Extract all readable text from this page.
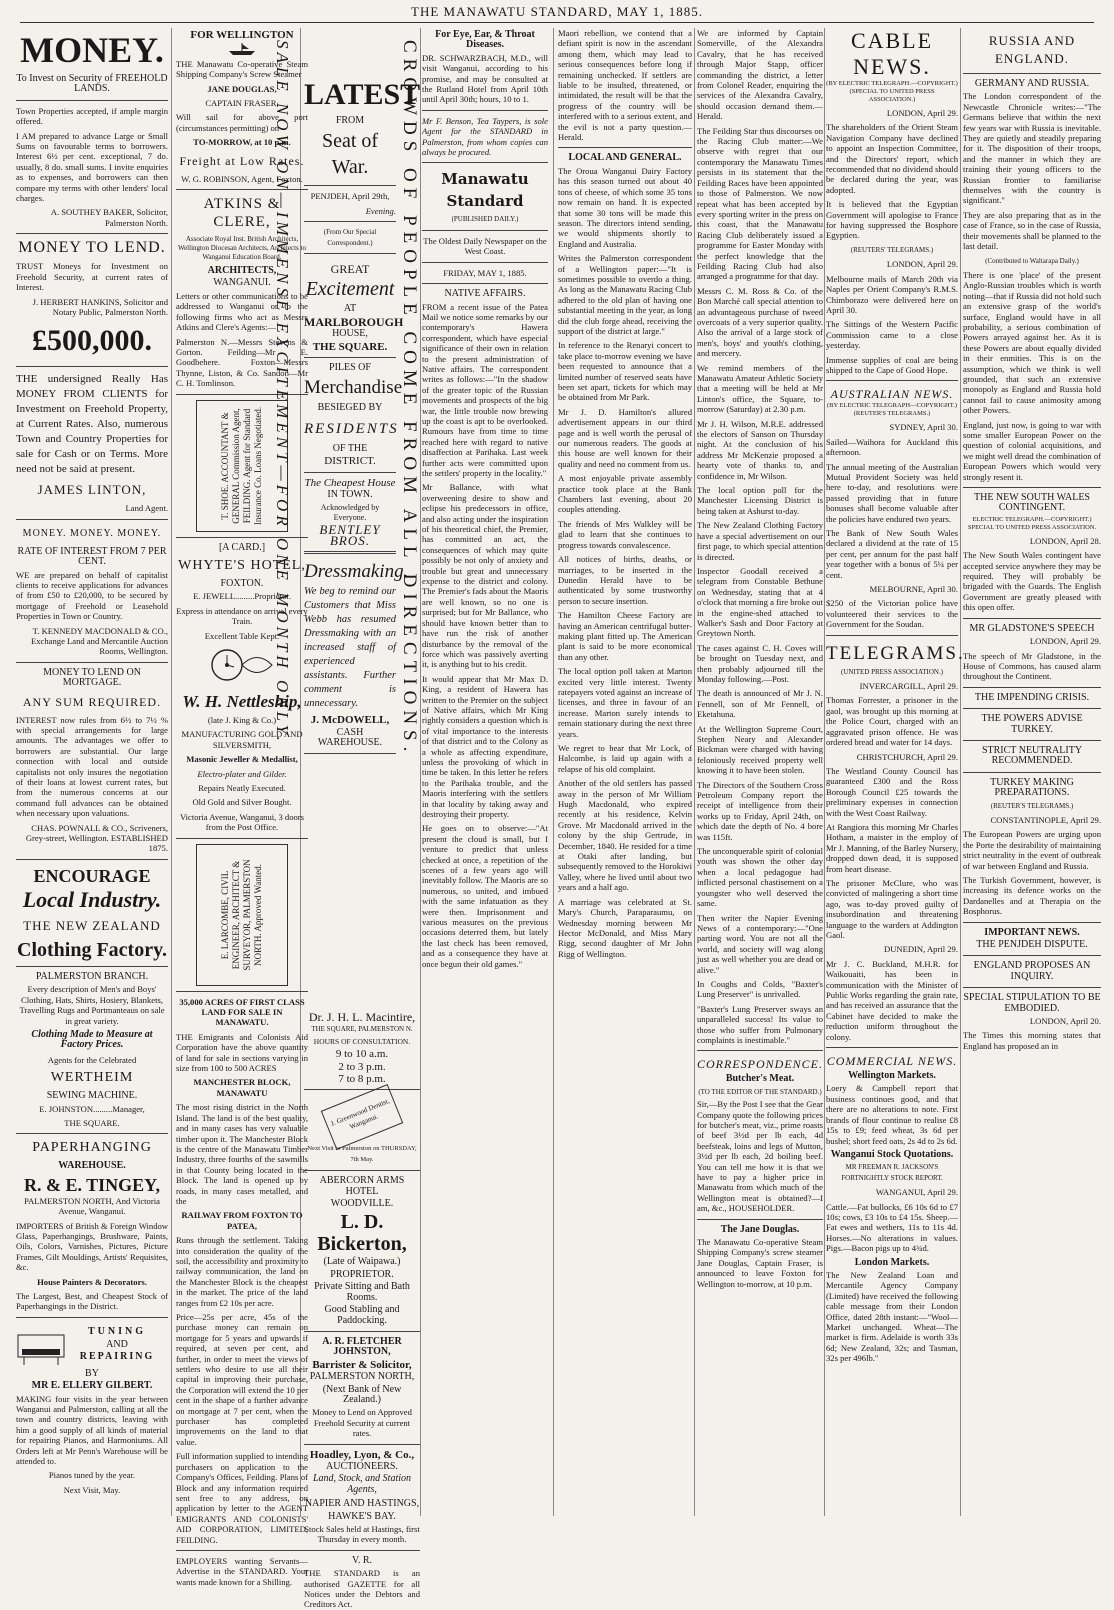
THE MANAWATU STANDARD, MAY 1, 1885.
MONEY.
To Invest on Security of FREEHOLD LANDS.

Town Properties accepted, if ample margin offered.

I AM prepared to advance Large or Small Sums on favourable terms to borrowers. Interest 6½ per cent. exceptional, 7 do. usually, 8 do. small sums. I invite enquiries as to expenses, and borrowers can then compare my terms with other lenders' local charges.

A. SOUTHEY BAKER, Solicitor, Palmerston North.

MONEY TO LEND.

TRUST Moneys for Investment on Freehold Security, at current rates of Interest.

J. HERBERT HANKINS, Solicitor and Notary Public, Palmerston North.

£500,000.

THE undersigned Really Has MONEY FROM CLIENTS for Investment on Freehold Property, at Current Rates. Also, numerous Town and Country Properties for sale for Cash or on Terms. More need not be said at present.

JAMES LINTON,

Land Agent.

MONEY. MONEY. MONEY.
RATE OF INTEREST FROM 7 PER CENT.

WE are prepared on behalf of capitalist clients to receive applications for advances of from £50 to £20,000, to be secured by mortgage of Freehold or Leasehold Properties in Town or Country.

T. KENNEDY MACDONALD & CO., Exchange Land and Mercantile Auction Rooms, Wellington.

MONEY TO LEND ON MORTGAGE.
ANY SUM REQUIRED.

INTEREST now rules from 6½ to 7½ % with special arrangements for large amounts. The advantages we offer to borrowers are substantial. Our large connection with local and outside capitalists not only insures the negotiation of their loans at lowest current rates, but from the numerous concerns at our command full advances can be obtained when necessary upon valuations.

CHAS. POWNALL & CO., Scriveners, Grey-street, Wellington. ESTABLISHED 1875.

ENCOURAGE
Local Industry.
THE NEW ZEALAND
Clothing Factory.
PALMERSTON BRANCH.

Every description of Men's and Boys' Clothing, Hats, Shirts, Hosiery, Blankets, Travelling Rugs and Portmanteaus on sale in great variety.

Clothing Made to Measure at Factory Prices.

Agents for the Celebrated

WERTHEIM
SEWING MACHINE.

E. JOHNSTON.........Manager,

THE SQUARE.

PAPERHANGING
WAREHOUSE.
R. & E. TINGEY,

PALMERSTON NORTH, And Victoria Avenue, Wanganui.

IMPORTERS of British & Foreign Window Glass, Paperhangings, Brushware, Paints, Oils, Colors, Varnishes, Pictures, Picture Frames, Gilt Mouldings, Artists' Requisites, &c.

House Painters & Decorators.

The Largest, Best, and Cheapest Stock of Paperhangings in the District.

TUNING
AND
REPAIRING
BY
MR E. ELLERY GILBERT.

MAKING four visits in the year between Wanganui and Palmerston, calling at all the town and country districts, leaving with him a good supply of all kinds of material for repairing Pianos, and Harmoniums. All Orders left at Mr Penn's Warehouse will be attended to.

Pianos tuned by the year.

Next Visit, May.

FOR WELLINGTON

THE Manawatu Co-operative Steam Shipping Company's Screw Steamer

JANE DOUGLAS,

CAPTAIN FRASER,

Will sail for above port (circumstances permitting) on

TO-MORROW, at 10 p.m.

Freight at Low Rates.

W. G. ROBINSON, Agent, Foxton.

ATKINS & CLERE,

Associate Royal Inst. British Architects, Wellington Diocesan Architects, Architects to Wanganui Education Board.

ARCHITECTS,
WANGANUI.

Letters or other communications to be addressed to Wanganui or to the following firms who act as Messrs Atkins and Clere's Agents:—

Palmerston N.—Messrs Stevens & Gorton. Feilding—Mr E. Goodbehere. Foxton—Messrs Thynne, Liston, & Co. Sandon—Mr C. H. Tomlinson.

T. SHOE. ACCOUNTANT & GENERAL Commission Agent, FEILDING. Agent for Standard Insurance Co. Loans Negotiated.
[A CARD.]
WHYTE'S HOTEL,
FOXTON.

E. JEWELL.........Proprietor.

Express in attendance on arrival every Train.

Excellent Table Kept.

W. H. Nettleship,

(late J. King & Co.)

MANUFACTURING GOLD AND SILVERSMITH,

Masonic Jeweller & Medallist,

Electro-plater and Gilder.

Repairs Neatly Executed.

Old Gold and Silver Bought.

Victoria Avenue, Wanganui, 3 doors from the Post Office.

E. LARCOMBE, CIVIL ENGINEER, ARCHITECT & SURVEYOR, PALMERSTON NORTH. Approved Wanted.

35,000 ACRES OF FIRST CLASS LAND FOR SALE IN MANAWATU.

THE Emigrants and Colonists Aid Corporation have the above quantity of land for sale in sections varying in size from 100 to 500 ACRES

MANCHESTER BLOCK, MANAWATU

The most rising district in the North Island. The land is of the best quality, and in many cases has very valuable timber upon it. The Manchester Block is the centre of the Manawatu Timber Industry, three fourths of the sawmills in that County being located in the Block. The land is opened up by roads, in many cases metalled, and the

RAILWAY FROM FOXTON TO PATEA,

Runs through the settlement. Taking into consideration the quality of the soil, the accessibility and proximity to railway communication, the land on the Manchester Block is the cheapest in the market. The price of the land ranges from £2 10s per acre.

Price—25s per acre, 45s of the purchase money can remain on mortgage for 5 years and upwards if required, at seven per cent, and further, in order to meet the views of settlers who desire to use all their capital in improving their purchase, the Corporation will extend the 10 per cent in the shape of a further advance on mortgage at 7 per cent, when the purchaser has completed improvements on the land to that value.

Full information supplied to intending purchasers on application to the Company's Offices, Feilding. Plans of Block and any information required sent free to any address, on application by letter to the AGENT EMIGRANTS AND COLONISTS' AID CORPORATION, LIMITED, FEILDING.

EMPLOYERS wanting Servants—Advertise in the STANDARD. Your wants made known for a Shilling.

SALE NOW ON—IMMENSE EXCITEMENT—FOR ONE MONTH ONLY.	CROWDS OF PEOPLE COME FROM ALL DIRECTIONS.
LATEST
FROM
Seat of War.

PENJDEH, April 29th,

Evening.

(From Our Special Correspondent.)

GREAT
Excitement
AT
MARLBOROUGH
HOUSE,
THE SQUARE.
PILES OF
Merchandise
BESIEGED BY
RESIDENTS
OF THE
DISTRICT.
The Cheapest House
IN TOWN.
Acknowledged by Everyone.
BENTLEY BROS.
Dressmaking.

We beg to remind our Customers that Miss Webb has resumed Dressmaking with an increased staff of experienced assistants. Further comment is unnecessary.

J. McDOWELL,
CASH WAREHOUSE.
Dr. J. H. L. Macintire,
THE SQUARE, PALMERSTON N.
HOURS OF CONSULTATION.
9 to 10 a.m.
2 to 3 p.m.
7 to 8 p.m.
J. Greenwood Dentist, Wanganui.

Next Visit to Palmerston on THURSDAY, 7th May.

ABERCORN ARMS HOTEL
WOODVILLE.
L. D. Bickerton,
(Late of Waipawa.)
PROPRIETOR.
Private Sitting and Bath Rooms.
Good Stabling and Paddocking.
A. R. FLETCHER JOHNSTON,
Barrister & Solicitor,
PALMERSTON NORTH,
(Next Bank of New Zealand.)

Money to Lend on Approved Freehold Security at current rates.

Hoadley, Lyon, & Co.,
AUCTIONEERS.

Land, Stock, and Station Agents,

NAPIER AND HASTINGS,
HAWKE'S BAY.

Stock Sales held at Hastings, first Thursday in every month.

V. R.

THE STANDARD is an authorised GAZETTE for all Notices under the Debtors and Creditors Act.

For Eye, Ear, & Throat Diseases.

DR. SCHWARZBACH, M.D., will visit Wanganui, according to his promise, and may be consulted at the Rutland Hotel from April 10th until April 30th; hours, 10 to 1.

Mr F. Benson, Tea Taypers, is sole Agent for the STANDARD in Palmerston, from whom copies can always be procured.

Manawatu Standard
(PUBLISHED DAILY.)

The Oldest Daily Newspaper on the West Coast.

FRIDAY, MAY 1, 1885.

NATIVE AFFAIRS.

FROM a recent issue of the Patea Mail we notice some remarks by our contemporary's Hawera correspondent, which have especial significance of their own in relation to the present administration of Native affairs. The correspondent writes as follows:—"In the shadow of the greater topic of the Russian movements and prospects of the big war, the little trouble now brewing up the coast is apt to be overlooked. Rumours have from time to time reached here with regard to native disaffection at Parihaka. Last week further acts were committed upon the settlers' property in the locality."

Mr Ballance, with what overweening desire to show and eclipse his predecessors in office, and also acting under the inspiration of his theoretical chief, the Premier, has committed an act, the consequences of which may quite possibly be not only of anxiety and trouble but great and unnecessary expense to the district and colony. The Premier's fads about the Maoris are well known, so no one is surprised; but for Mr Ballance, who should have known better than to have run the risk of another disturbance by the removal of the force which was passively averting it, is anything but to his credit.

It would appear that Mr Max D. King, a resident of Hawera has written to the Premier on the subject of Native affairs, which Mr King rightly considers a question which is of vital importance to the interests of that district and to the Colony as a whole as affecting expenditure, unless the provoking of which in time be taken. In this letter he refers to the Parihaka trouble, and the Maoris interfering with the settlers in that locality by taking away and destroying their property.

He goes on to observe:—"At present the cloud is small, but I venture to predict that unless checked at once, a repetition of the scenes of a few years ago will inevitably follow. The Maoris are so numerous, so united, and imbued with the same infatuation as they were then. Imprisonment and various measures on the previous occasions deterred them, but lately the last check has been removed, and as a consequence they have at once begun their old games."

Maori rebellion, we contend that a defiant spirit is now in the ascendant among them, which may lead to serious consequences before long if remaining unchecked. If settlers are liable to be insulted, threatened, or intimidated, the result will be that the progress of the country will be interfered with to a serious extent, and the evil is not a party question.—Herald.

LOCAL AND GENERAL.

The Oroua Wanganui Dairy Factory has this season turned out about 40 tons of cheese, of which some 35 tons now remain on hand. It is expected that some 30 tons will be made this season. The directors intend sending, we would shipments shortly to England and Australia.

Writes the Palmerston correspondent of a Wellington paper:—"It is sometimes possible to overdo a thing. As long as the Manawatu Racing Club adhered to the old plan of having one substantial meeting in the year, as long did the club forge ahead, receiving the support of the district at large."

In reference to the Renaryi concert to take place to-morrow evening we have been requested to announce that a limited number of reserved seats have been set apart, tickets for which may be obtained from Mr Park.

Mr J. D. Hamilton's allured advertisement appears in our third page and is well worth the perusal of our numerous readers. The goods at this house are well known for their quality and need no comment from us.

A most enjoyable private assembly practice took place at the Bank Chambers last evening, about 20 couples attending.

The friends of Mrs Walkley will be glad to learn that she continues to progress towards convalescence.

All notices of births, deaths, or marriages, to be inserted in the Dunedin Herald have to be authenticated by some trustworthy person to secure insertion.

The Hamilton Cheese Factory are having an American centrifugal butter-making plant fitted up. The American plant is said to be more economical than any other.

The local option poll taken at Marton excited very little interest. Twenty ratepayers voted against an increase of licenses, and three in favour of an increase. Marton surely intends to remain stationary during the next three years.

We regret to hear that Mr Lock, of Halcombe, is laid up again with a relapse of his old complaint.

Another of the old settlers has passed away in the person of Mr William Hugh Macdonald, who expired recently at his residence, Kelvin Grove. Mr Macdonald arrived in the colony by the ship Gertrude, in December, 1840. He resided for a time at Otaki after landing, but subsequently removed to the Horokiwi Valley, where he lived until about two years and a half ago.

A marriage was celebrated at St. Mary's Church, Paraparaumu, on Wednesday morning between Mr Hector McDonald, and Miss Mary Rigg, second daughter of Mr John Rigg of Wellington.

We are informed by Captain Somerville, of the Alexandra Cavalry, that he has received through Major Stapp, officer commanding the district, a letter from Colonel Reader, enquiring the services of the Alexandra Cavalry, should occasion demand them.—Herald.

The Feilding Star thus discourses on the Racing Club matter:—We observe with regret that our contemporary the Manawatu Times persists in its statement that the Feilding Races have been appointed to those of Palmerston. We now repeat what has been accepted by every sporting writer in the press on this coast, that the Manawatu Racing Club deliberately issued a programme for Easter Monday with the perfect knowledge that the Feilding Racing Club had also arranged a programme for that day.

Messrs C. M. Ross & Co. of the Bon Marché call special attention to an advantageous purchase of tweed overcoats of a very superior quality. Also the arrival of a large stock of men's, boys' and youth's clothing, and mercery.

We remind members of the Manawatu Amateur Athletic Society that a meeting will be held at Mr Linton's office, the Square, to-morrow (Saturday) at 2.30 p.m.

Mr J. H. Wilson, M.R.E. addressed the electors of Sanson on Thursday night. At the conclusion of his address Mr McKenzie proposed a hearty vote of thanks to, and confidence in, Mr Wilson.

The local option poll for the Manchester Licensing District is being taken at Ashurst to-day.

The New Zealand Clothing Factory have a special advertisement on our first page, to which special attention is directed.

Inspector Goodall received a telegram from Constable Bethune on Wednesday, stating that at 4 o'clock that morning a fire broke out in the engine-shed attached to Walker's Sash and Door Factory at Greytown North.

The cases against C. H. Coves will be brought on Tuesday next, and then probably adjourned till the Monday following.—Post.

The death is announced of Mr J. N. Fennell, son of Mr Fennell, of Eketahuna.

At the Wellington Supreme Court, Stephen Neary and Alexander Bickman were charged with having feloniously received property well knowing it to have been stolen.

The Directors of the Southern Cross Petroleum Company report the receipt of intelligence from their works up to Friday, April 24th, on which date the depth of No. 4 bore was 115ft.

The unconquerable spirit of colonial youth was shown the other day when a local pedagogue had inflicted personal chastisement on a youngster who well deserved the same.

Then writer the Napier Evening News of a contemporary:—"One parting word. You are not all the world, and society will wag along just as well whether you are dead or alive."

In Coughs and Colds, "Baxter's Lung Preserver" is unrivalled.

"Baxter's Lung Preserver sways an unparalleled success! Its value to those who suffer from Pulmonary complaints is inestimable."

CORRESPONDENCE.
Butcher's Meat.
(TO THE EDITOR OF THE STANDARD.)

Sir,—By the Post I see that the Gear Company quote the following prices for butcher's meat, viz., prime roasts of beef 3½d per lb each, 4d beefsteak, loins and legs of Mutton, 3½d per lb each, 2d boiling beef. You can tell me how it is that we have to pay a higher price in Manawatu from which much of the Wellington meat is obtained?—I am, &c., HOUSEHOLDER.

The Jane Douglas.

The Manawatu Co-operative Steam Shipping Company's screw steamer Jane Douglas, Captain Fraser, is announced to leave Foxton for Wellington to-morrow, at 10 p.m.

CABLE NEWS.

(BY ELECTRIC TELEGRAPH.—COPYRIGHT.) (SPECIAL TO UNITED PRESS ASSOCIATION.)

LONDON, April 29.

The shareholders of the Orient Steam Navigation Company have declined to appoint an Inspection Committee, and the Directors' report, which recommended that no dividend should be declared during the year, was adopted.

It is believed that the Egyptian Government will apologise to France for having suppressed the Bosphore Egyptien.

(REUTERS' TELEGRAMS.)

LONDON, April 29.

Melbourne mails of March 20th via Naples per Orient Company's R.M.S. Chimborazo were delivered here on April 30.

The Sittings of the Western Pacific Commission came to a close yesterday.

Immense supplies of coal are being shipped to the Cape of Good Hope.

AUSTRALIAN NEWS.

(BY ELECTRIC TELEGRAPH—COPYRIGHT.) (REUTER'S TELEGRAMS.)

SYDNEY, April 30.

Sailed—Waihora for Auckland this afternoon.

The annual meeting of the Australian Mutual Provident Society was held here to-day, and resolutions were passed providing that in future bonuses shall become valuable after the policies have endured two years.

The Bank of New South Wales declared a dividend at the rate of 15 per cent, per annum for the past half year together with a bonus of 5¼ per cent.

MELBOURNE, April 30.

$250 of the Victorian police have volunteered their services to the Government for the Soudan.

TELEGRAMS.

(UNITED PRESS ASSOCIATION.)

INVERCARGILL, April 29.

Thomas Forrester, a prisoner in the gaol, was brought up this morning at the Police Court, charged with an aggravated prison offence. He was ordered bread and water for 14 days.

CHRISTCHURCH, April 29.

The Westland County Council has guaranteed £300 and the Ross Borough Council £25 towards the preliminary expenses in connection with the West Coast Railway.

At Rangiora this morning Mr Charles Hotham, a maister in the employ of Mr J. Manning, of the Barley Nursery, dropped down dead, it is supposed from heart disease.

The prisoner McClure, who was convicted of malingering a short time ago, was to-day proved guilty of insubordination and threatening language to the warders at Addington Gaol.

DUNEDIN, April 29.

Mr J. C. Buckland, M.H.R. for Waikouaiti, has been in communication with the Minister of Public Works regarding the grain rate, and has received an assurance that the Cabinet have decided to make the reduction uniform throughout the colony.

COMMERCIAL NEWS.
Wellington Markets.

Loery & Campbell report that business continues good, and that there are no alterations to note. First brands of flour continue to realise £8 15s to £9; feed wheat, 3s 6d per bushel; short feed oats, 2s 4d to 2s 6d.

Wanganui Stock Quotations.

MR FREEMAN R. JACKSON'S FORTNIGHTLY STOCK REPORT.

WANGANUI, April 29.

Cattle.—Fat bullocks, £6 10s 6d to £7 10s; cows, £3 10s to £4 15s. Sheep.—Fat ewes and wethers, 11s to 11s 4d. Horses.—No alterations in values. Pigs.—Bacon pigs up to 4¾d.

London Markets.

The New Zealand Loan and Mercantile Agency Company (Limited) have received the following cable message from their London Office, dated 28th instant:—"Wool—Market unchanged. Wheat—The market is firm. Adelaide is worth 33s 6d; New Zealand, 32s; and Tasman, 32s per 496lb."

RUSSIA AND ENGLAND.
GERMANY AND RUSSIA.

The London correspondent of the Newcastle Chronicle writes:—"The Germans believe that within the next few years war with Russia is inevitable. They are quietly and steadily preparing for it. The disposition of their troops, and the manner in which they are training their young officers to the Russian frontier to familiarise themselves with the country is significant."

They are also preparing that as in the case of France, so in the case of Russia, their movements shall be planned to the last detail.

(Contributed to Waltarapa Daily.)

There is one 'place' of the present Anglo-Russian troubles which is worth noting—that if Russia did not hold such an extensive grasp of the world's surface, England would have in all probability, a serious combination of Powers arrayed against her. As it is these Powers are about equally divided in their enmities. This is on the assumption, which we think is well grounded, that such an extensive monopoly as England and Russia hold cannot fail to cause animosity among other Powers.

England, just now, is going to war with some smaller European Power on the question of colonial acquisitions, and we might well dread the combination of European Powers which would very strongly resent it.

THE NEW SOUTH WALES CONTINGENT.

ELECTRIC TELEGRAPH.—COPYRIGHT.) SPECIAL TO UNITED PRESS ASSOCIATION.

LONDON, April 28.

The New South Wales contingent have accepted service anywhere they may be required. They will probably be brigaded with the Guards. The English Government are greatly pleased with this open offer.

MR GLADSTONE'S SPEECH

LONDON, April 29.

The speech of Mr Gladstone, in the House of Commons, has caused alarm throughout the Continent.

THE IMPENDING CRISIS.
THE POWERS ADVISE TURKEY.
STRICT NEUTRALITY RECOMMENDED.
TURKEY MAKING PREPARATIONS.

(REUTER'S TELEGRAMS.)

CONSTANTINOPLE, April 29.

The European Powers are urging upon the Porte the desirability of maintaining strict neutrality in the event of outbreak of war between England and Russia.

The Turkish Government, however, is increasing its defence works on the Dardanelles and at Therapia on the Bosphorus.

IMPORTANT NEWS.
THE PENJDEH DISPUTE.
ENGLAND PROPOSES AN INQUIRY.
SPECIAL STIPULATION TO BE EMBODIED.

LONDON, April 20.

The Times this morning states that England has proposed an in
